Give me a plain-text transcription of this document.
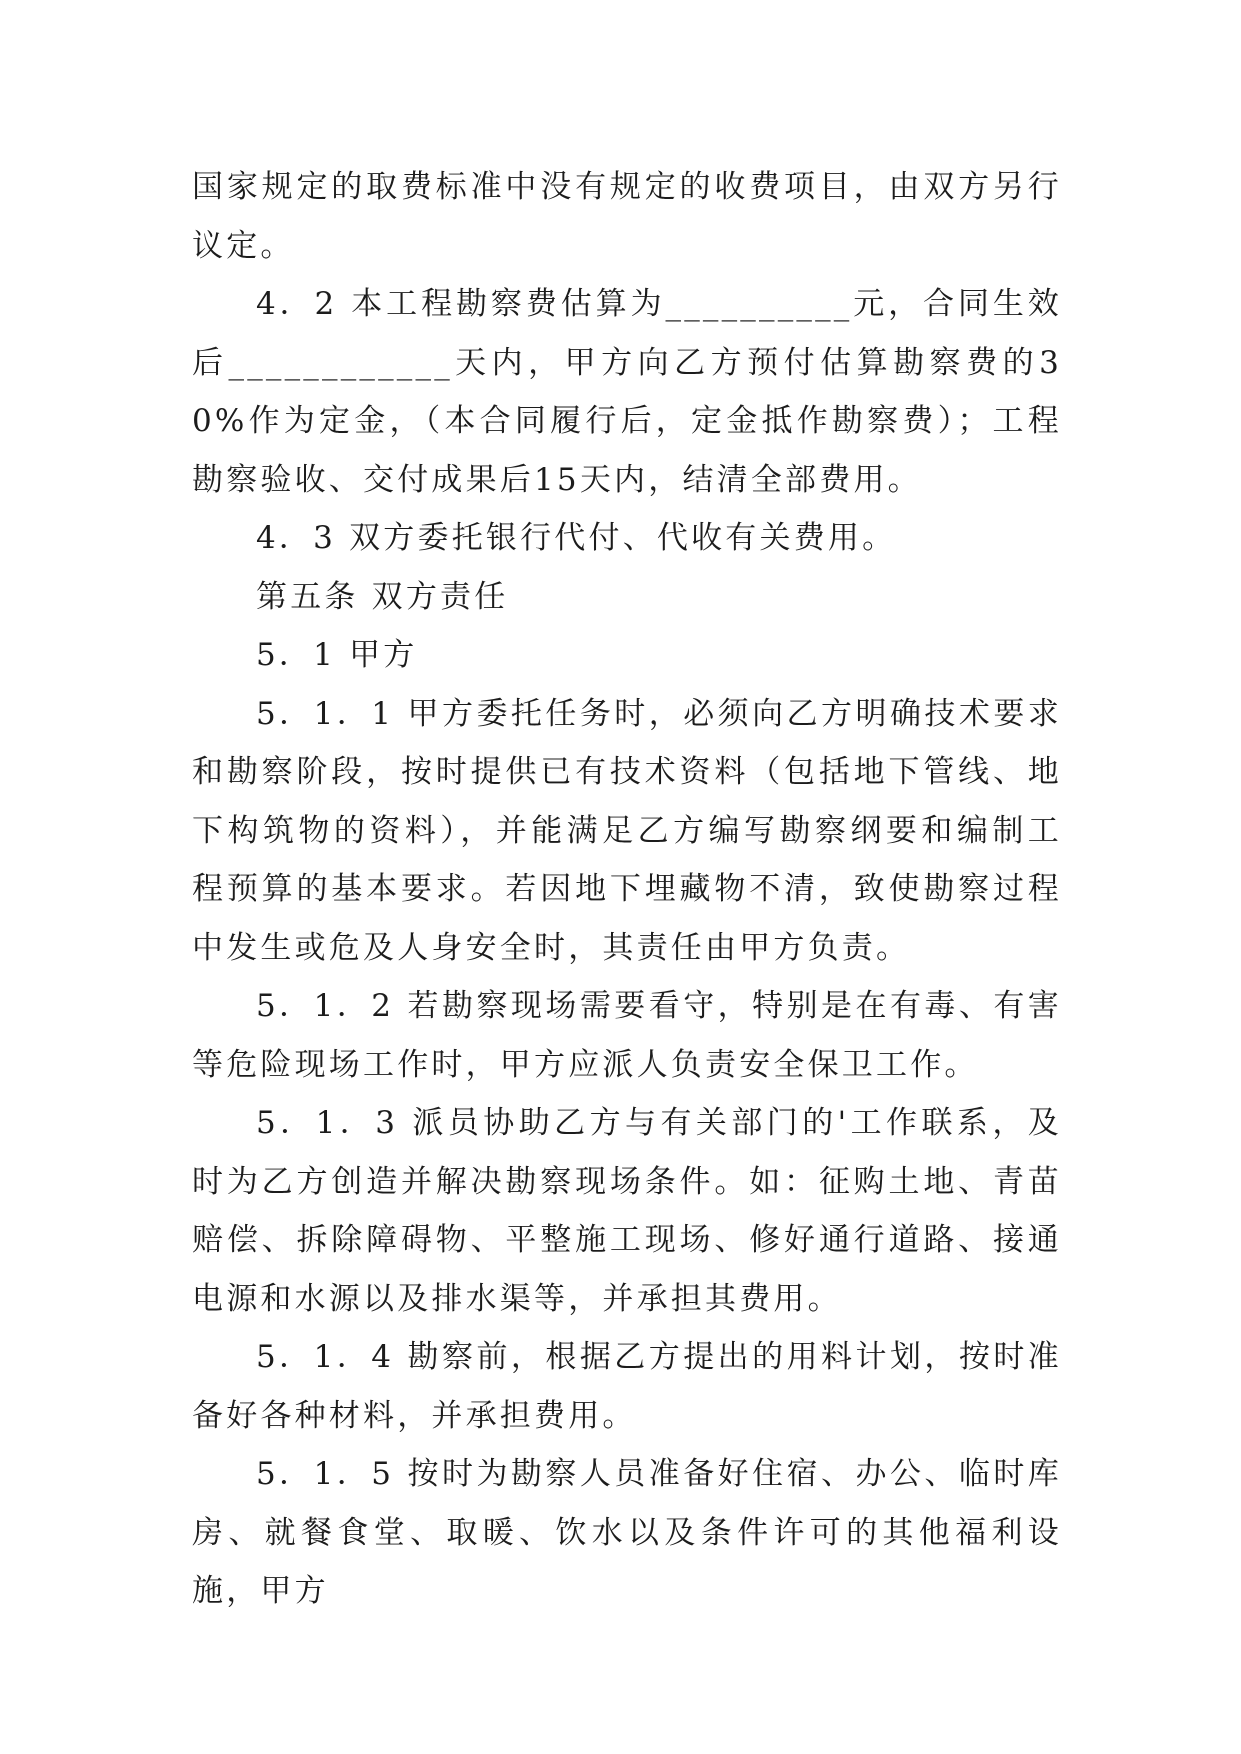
国家规定的取费标准中没有规定的收费项目，由双方另行议定。

4．2 本工程勘察费估算为__________元，合同生效后____________天内，甲方向乙方预付估算勘察费的30%作为定金，（本合同履行后，定金抵作勘察费）；工程勘察验收、交付成果后15天内，结清全部费用。

4．3 双方委托银行代付、代收有关费用。

第五条 双方责任

5．1 甲方

5．1．1 甲方委托任务时，必须向乙方明确技术要求和勘察阶段，按时提供已有技术资料（包括地下管线、地下构筑物的资料），并能满足乙方编写勘察纲要和编制工程预算的基本要求。若因地下埋藏物不清，致使勘察过程中发生或危及人身安全时，其责任由甲方负责。

5．1．2 若勘察现场需要看守，特别是在有毒、有害等危险现场工作时，甲方应派人负责安全保卫工作。

5．1．3 派员协助乙方与有关部门的'工作联系，及时为乙方创造并解决勘察现场条件。如：征购土地、青苗赔偿、拆除障碍物、平整施工现场、修好通行道路、接通电源和水源以及排水渠等，并承担其费用。

5．1．4 勘察前，根据乙方提出的用料计划，按时准备好各种材料，并承担费用。

5．1．5 按时为勘察人员准备好住宿、办公、临时库房、就餐食堂、取暖、饮水以及条件许可的其他福利设施，甲方
